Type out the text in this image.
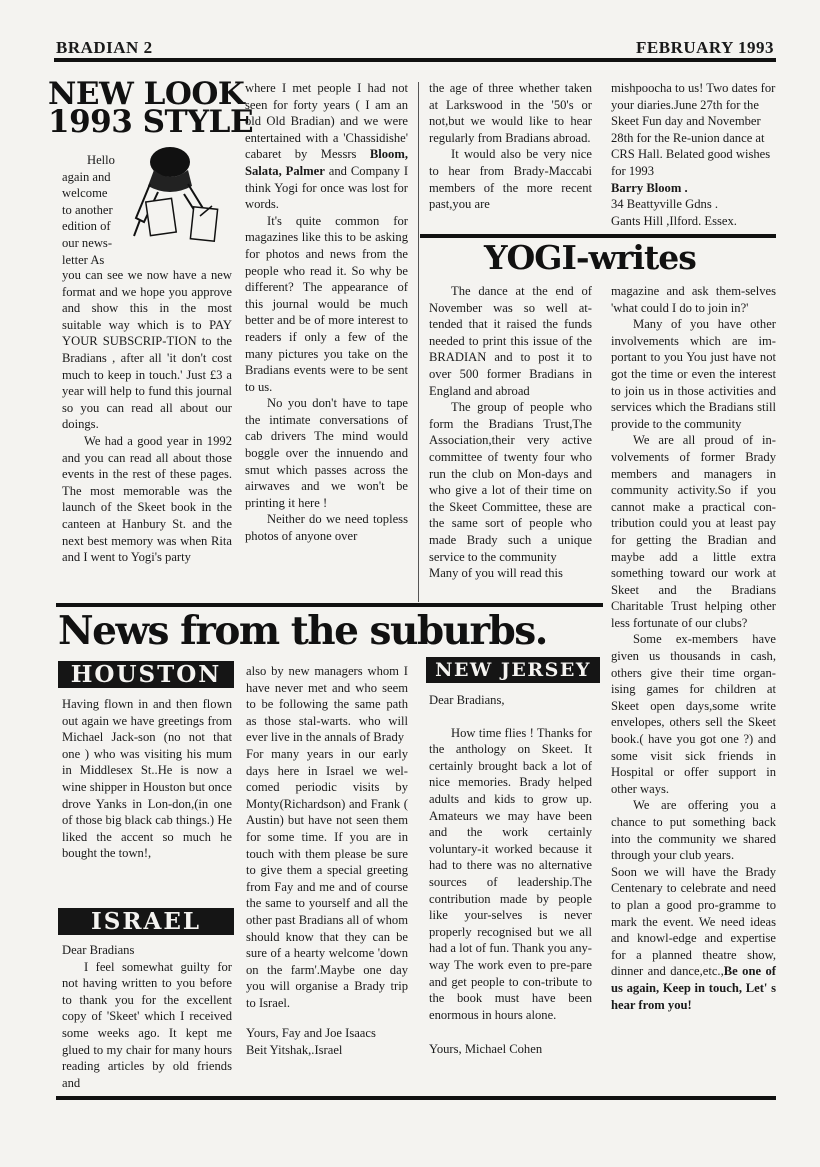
BRADIAN 2	FEBRUARY 1993
NEW LOOK
1993 STYLE
Hello
again and
welcome
to another
edition of
our news-
letter As

you can see we now have a new format and we hope you approve and show this in the most suitable way which is to PAY YOUR SUBSCRIP-TION to the Bradians , after all 'it don't cost much to keep in touch.' Just £3 a year will help to fund this journal so you can read all about our doings.

We had a good year in 1992 and you can read all about those events in the rest of these pages. The most memorable was the launch of the Skeet book in the canteen at Hanbury St. and the next best memory was when Rita and I went to Yogi's party

where I met people I had not seen for forty years ( I am an old Old Bradian) and we were entertained with a 'Chassidishe' cabaret by Messrs Bloom, Salata, Palmer and Company I think Yogi for once was lost for words.

It's quite common for magazines like this to be asking for photos and news from the people who read it. So why be different? The appearance of this journal would be much better and be of more interest to readers if only a few of the many pictures you take on the Bradians events were to be sent to us.

No you don't have to tape the intimate conversations of cab drivers The mind would boggle over the innuendo and smut which passes across the airwaves and we won't be printing it here !

Neither do we need topless photos of anyone over

the age of three whether taken at Larkswood in the '50's or not,but we would like to hear regularly from Bradians abroad.

It would also be very nice to hear from Brady-Maccabi members of the more recent past,you are

mishpoocha to us! Two dates for your diaries.June 27th for the Skeet Fun day and November 28th for the Re-union dance at CRS Hall. Belated good wishes for 1993

Barry Bloom .

34 Beattyville Gdns .

Gants Hill ,Ilford. Essex.

YOGI-writes

The dance at the end of November was so well at-tended that it raised the funds needed to print this issue of the BRADIAN and to post it to over 500 former Bradians in England and abroad

The group of people who form the Bradians Trust,The Association,their very active committee of twenty four who run the club on Mon-days and who give a lot of their time on the Skeet Committee, these are the same sort of people who made Brady such a unique service to the community

Many of you will read this

magazine and ask them-selves 'what could I do to join in?'

Many of you have other involvements which are im-portant to you You just have not got the time or even the interest to join us in those activities and services which the Bradians still provide to the community

We are all proud of in-volvements of former Brady members and managers in community activity.So if you cannot make a practical con-tribution could you at least pay for getting the Bradian and maybe add a little extra something toward our work at Skeet and the Bradians Charitable Trust helping other less fortunate of our clubs?

Some ex-members have given us thousands in cash, others give their time organ-ising games for children at Skeet open days,some write envelopes, others sell the Skeet book.( have you got one ?) and some visit sick friends in Hospital or offer support in other ways.

We are offering you a chance to put something back into the community we shared through your club years.

Soon we will have the Brady Centenary to celebrate and need to plan a good pro-gramme to mark the event. We need ideas and knowl-edge and expertise for a planned theatre show, dinner and dance,etc.,Be one of us again, Keep in touch, Let' s hear from you!

News from the suburbs.
HOUSTON

Having flown in and then flown out again we have greetings from Michael Jack-son (no not that one ) who was visiting his mum in Middlesex St..He is now a wine shipper in Houston but once drove Yanks in Lon-don,(in one of those big black cab things.) He liked the accent so much he bought the town!,

ISRAEL

Dear Bradians

I feel somewhat guilty for not having written to you before to thank you for the excellent copy of 'Skeet' which I received some weeks ago. It kept me glued to my chair for many hours reading articles by old friends and

also by new managers whom I have never met and who seem to be following the same path as those stal-warts. who will ever live in the annals of Brady

For many years in our early days here in Israel we wel-comed periodic visits by Monty(Richardson) and Frank ( Austin) but have not seen them for some time. If you are in touch with them please be sure to give them a special greeting from Fay and me and of course the same to yourself and all the other past Bradians all of whom should know that they can be sure of a hearty welcome 'down on the farm'.Maybe one day you will organise a Brady trip to Israel.

Yours, Fay and Joe Isaacs

Beit Yitshak,.Israel

NEW JERSEY

Dear Bradians,

How time flies ! Thanks for the anthology on Skeet. It certainly brought back a lot of nice memories. Brady helped adults and kids to grow up. Amateurs we may have been and the work certainly voluntary-it worked because it had to there was no alternative sources of leadership.The contribution made by people like your-selves is never properly recognised but we all had a lot of fun. Thank you any-way The work even to pre-pare and get people to con-tribute to the book must have been enormous in hours alone.

Yours, Michael Cohen
